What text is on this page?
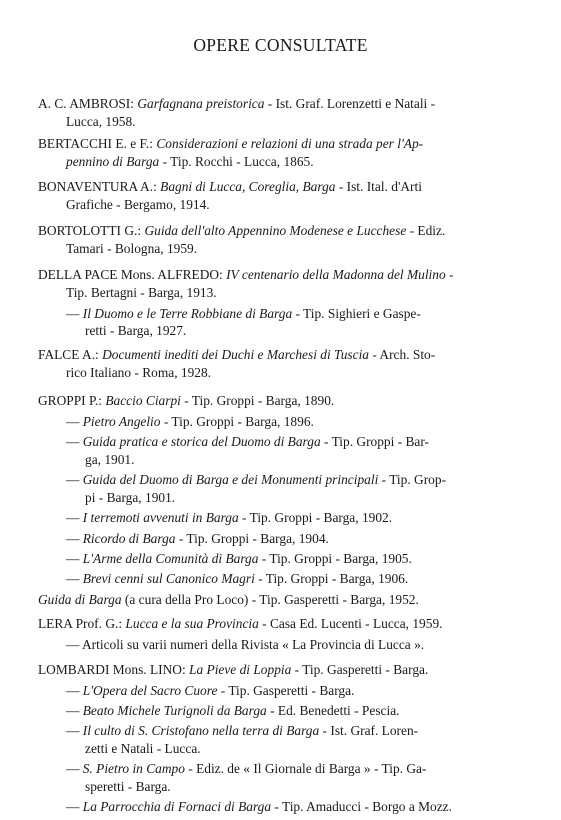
OPERE CONSULTATE
A. C. AMBROSI: Garfagnana preistorica - Ist. Graf. Lorenzetti e Natali -
Lucca, 1958.
BERTACCHI E. e F.: Considerazioni e relazioni di una strada per l'Ap-
pennino di Barga - Tip. Rocchi - Lucca, 1865.
BONAVENTURA A.: Bagni di Lucca, Coreglia, Barga - Ist. Ital. d'Arti
Grafiche - Bergamo, 1914.
BORTOLOTTI G.: Guida dell'alto Appennino Modenese e Lucchese - Ediz.
Tamari - Bologna, 1959.
DELLA PACE Mons. ALFREDO: IV centenario della Madonna del Mulino -
Tip. Bertagni - Barga, 1913.
— Il Duomo e le Terre Robbiane di Barga - Tip. Sighieri e Gaspe-
retti - Barga, 1927.
FALCE A.: Documenti inediti dei Duchi e Marchesi di Tuscia - Arch. Sto-
rico Italiano - Roma, 1928.
GROPPI P.: Baccio Ciarpi - Tip. Groppi - Barga, 1890.
— Pietro Angelio - Tip. Groppi - Barga, 1896.
— Guida pratica e storica del Duomo di Barga - Tip. Groppi - Bar-
ga, 1901.
— Guida del Duomo di Barga e dei Monumenti principali - Tip. Grop-
pi - Barga, 1901.
— I terremoti avvenuti in Barga - Tip. Groppi - Barga, 1902.
— Ricordo di Barga - Tip. Groppi - Barga, 1904.
— L'Arme della Comunità di Barga - Tip. Groppi - Barga, 1905.
— Brevi cenni sul Canonico Magri - Tip. Groppi - Barga, 1906.
Guida di Barga (a cura della Pro Loco) - Tip. Gasperetti - Barga, 1952.
LERA Prof. G.: Lucca e la sua Provincia - Casa Ed. Lucenti - Lucca, 1959.
— Articoli su varii numeri della Rivista « La Provincia di Lucca ».
LOMBARDI Mons. LINO: La Pieve di Loppia - Tip. Gasperetti - Barga.
— L'Opera del Sacro Cuore - Tip. Gasperetti - Barga.
— Beato Michele Turignoli da Barga - Ed. Benedetti - Pescia.
— Il culto di S. Cristofano nella terra di Barga - Ist. Graf. Loren-
zetti e Natali - Lucca.
— S. Pietro in Campo - Ediz. de « Il Giornale di Barga » - Tip. Ga-
speretti - Barga.
— La Parrocchia di Fornaci di Barga - Tip. Amaducci - Borgo a Mozz.
